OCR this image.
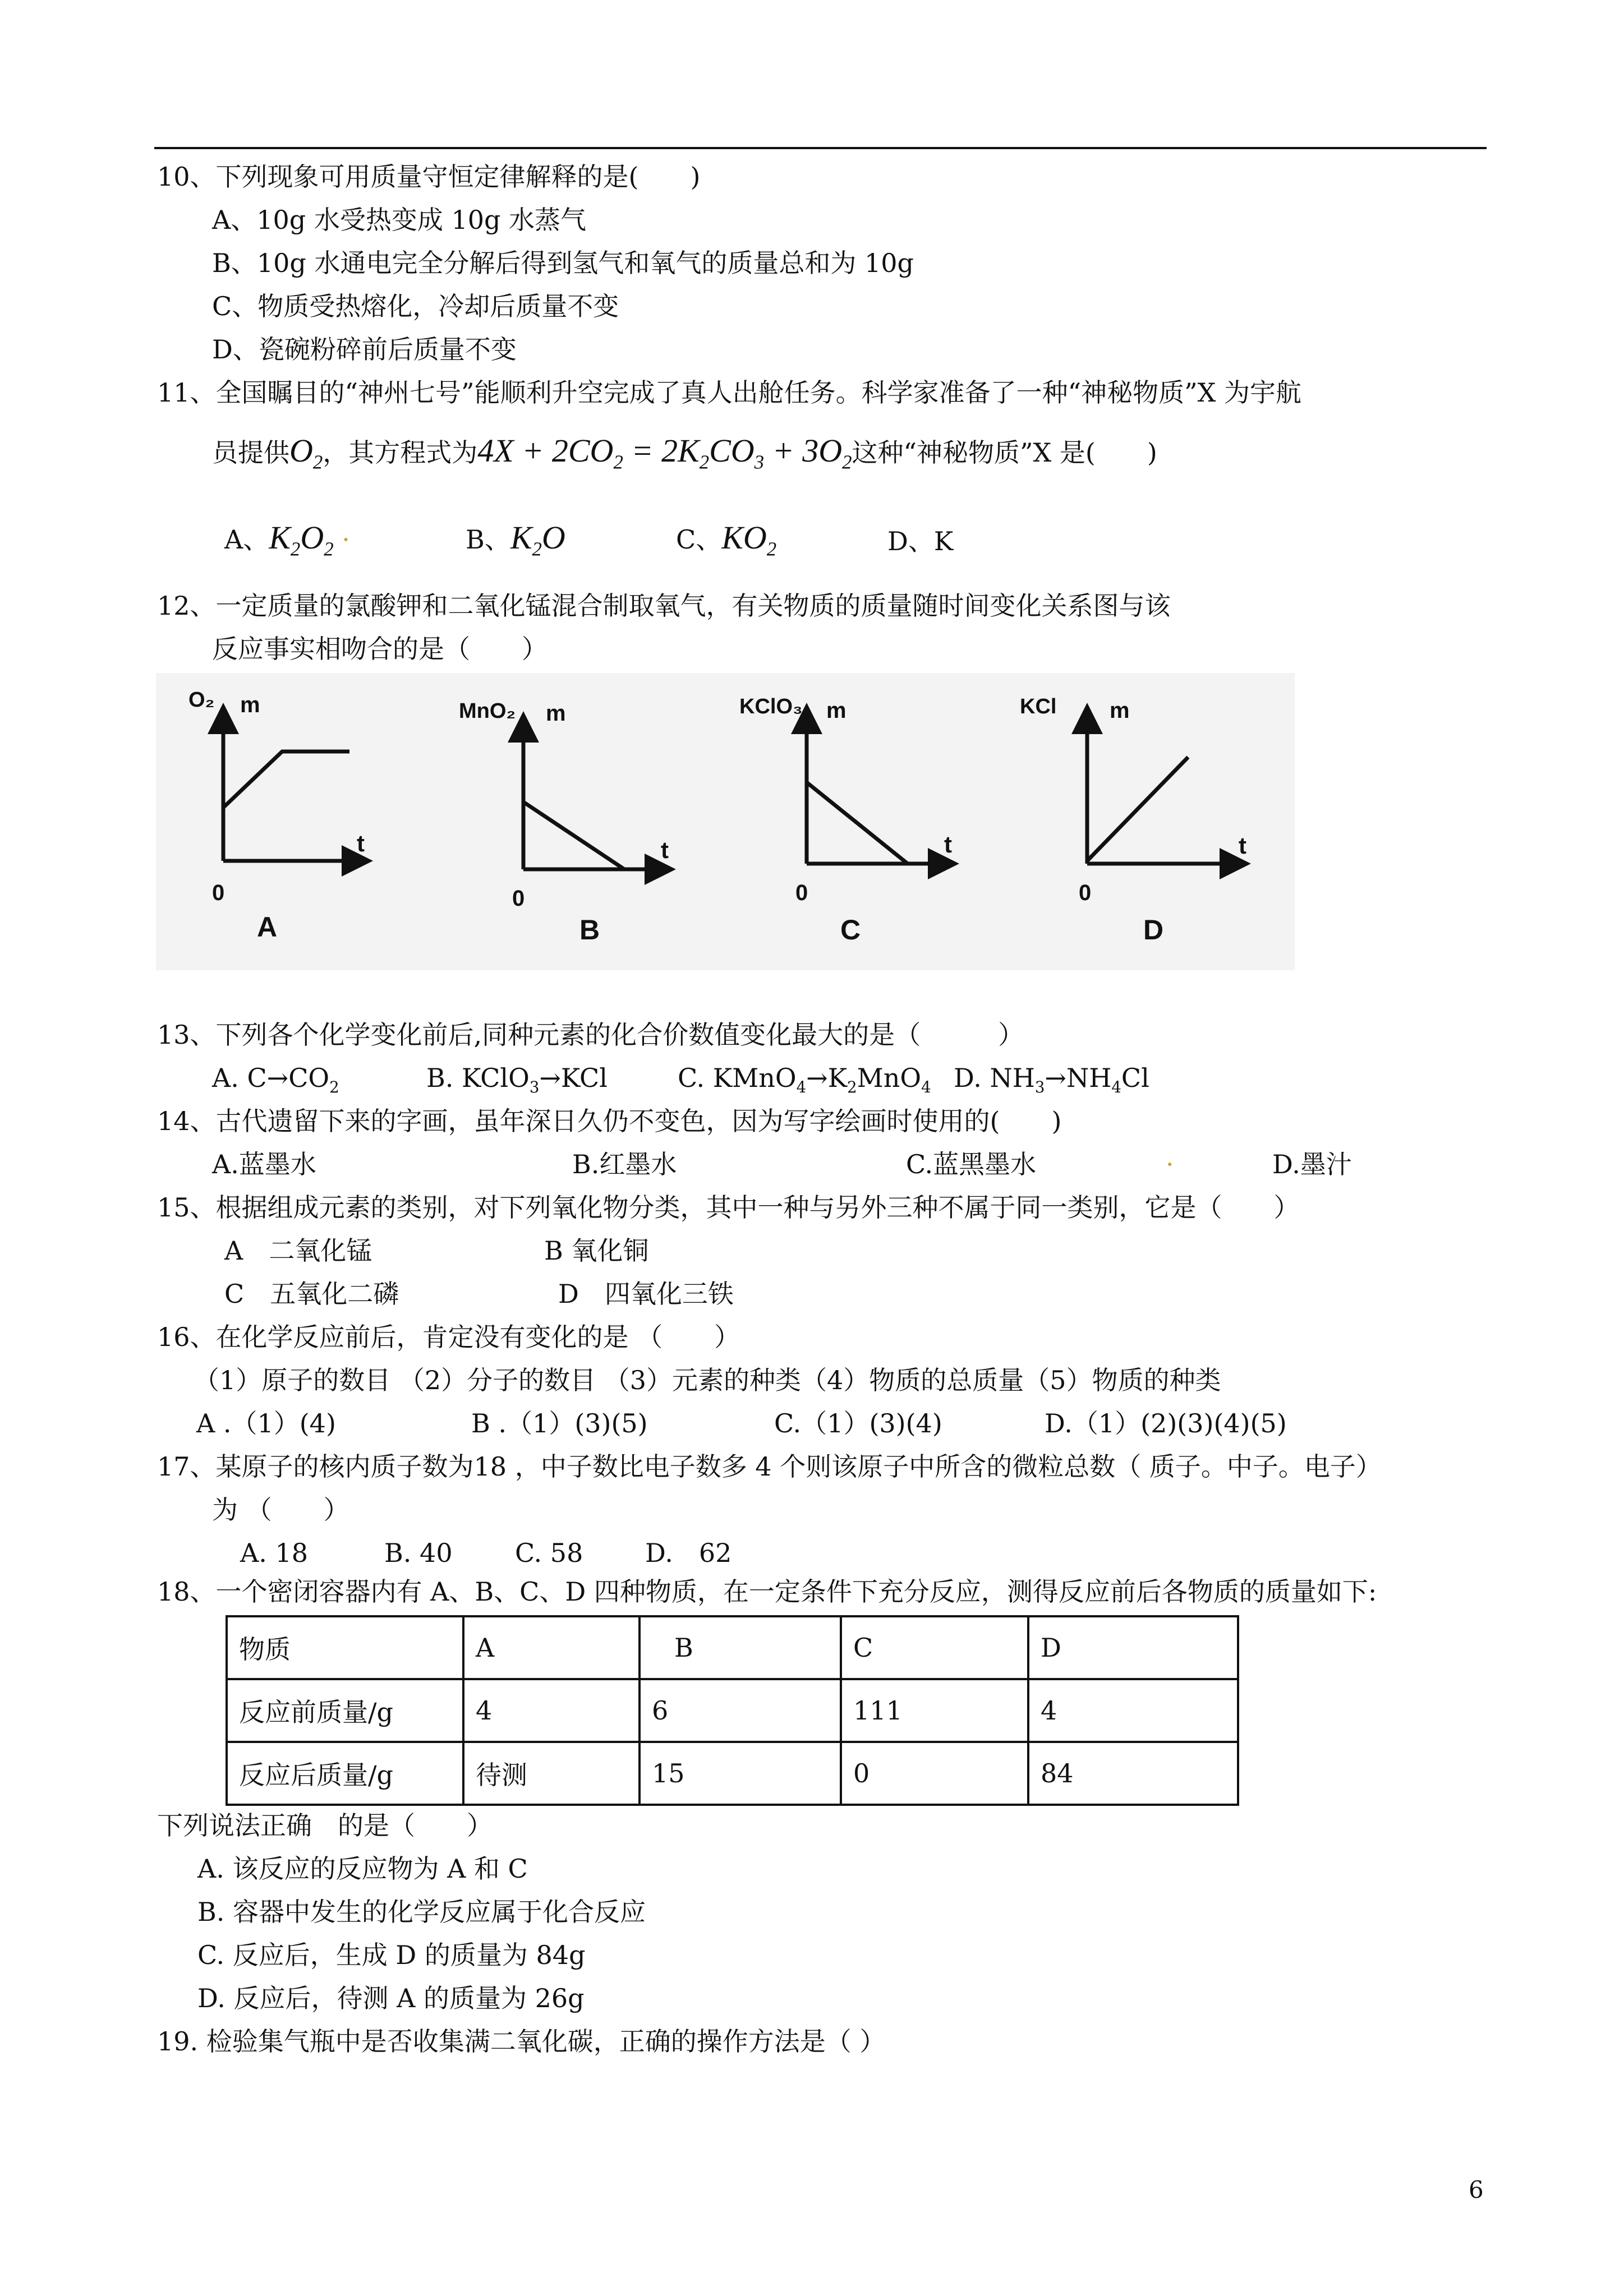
10、下列现象可用质量守恒定律解释的是(　　)
A、10g 水受热变成 10g 水蒸气
B、10g 水通电完全分解后得到氢气和氧气的质量总和为 10g
C、物质受热熔化，冷却后质量不变
D、瓷碗粉碎前后质量不变
11、全国瞩目的“神州七号”能顺利升空完成了真人出舱任务。科学家准备了一种“神秘物质”X 为宇航
员提供$O_2$，其方程式为$4X + 2CO_2 = 2K_2CO_3 + 3O_2$这种“神秘物质”X 是(　　)
A、$K_2O_2$ ·	B、$K_2O$	C、$KO_2$	D、K
12、一定质量的氯酸钾和二氧化锰混合制取氧气，有关物质的质量随时间变化关系图与该
反应事实相吻合的是（　　）
O₂ m
t
0
A
MnO₂ m
t
0
B
KClO₃ m
t
0
C
KCl m
t
0
D
13、下列各个化学变化前后,同种元素的化合价数值变化最大的是（　　　）
A. $C\to CO_2$	B. KClO$_3$→KCl	C. $KMnO_4\to K_2MnO_4$ D. $NH_3\to NH_4Cl$
14、古代遗留下来的字画，虽年深日久仍不变色，因为写字绘画时使用的(　　)
A.蓝墨水	B.红墨水	C.蓝黑墨水	·	D.墨汁
15、根据组成元素的类别，对下列氧化物分类，其中一种与另外三种不属于同一类别，它是（　　）
A　二氧化锰	B 氧化铜
C　五氧化二磷	D　四氧化三铁
16、在化学反应前后，肯定没有变化的是 （　　）
（1）原子的数目 （2）分子的数目 （3）元素的种类（4）物质的总质量（5）物质的种类
A .（1）(4)	B .（1）(3)(5)	C.（1）(3)(4)	D.（1）(2)(3)(4)(5)
17、某原子的核内质子数为18 ，中子数比电子数多 4 个则该原子中所含的微粒总数（ 质子。中子。电子）
为 （　　）
A. 18	B. 40 C. 58 D.　62
18、一个密闭容器内有 A、B、C、D 四种物质，在一定条件下充分反应，测得反应前后各物质的质量如下:
物质	A	B	C	D
反应前质量/g	4	6	111	4
反应后质量/g	待测	15	0	84
下列说法正确　的是（　　）
A. 该反应的反应物为 A 和 C
B. 容器中发生的化学反应属于化合反应
C. 反应后，生成 D 的质量为 84g
D. 反应后，待测 A 的质量为 26g
19. 检验集气瓶中是否收集满二氧化碳，正确的操作方法是（ ）
6
